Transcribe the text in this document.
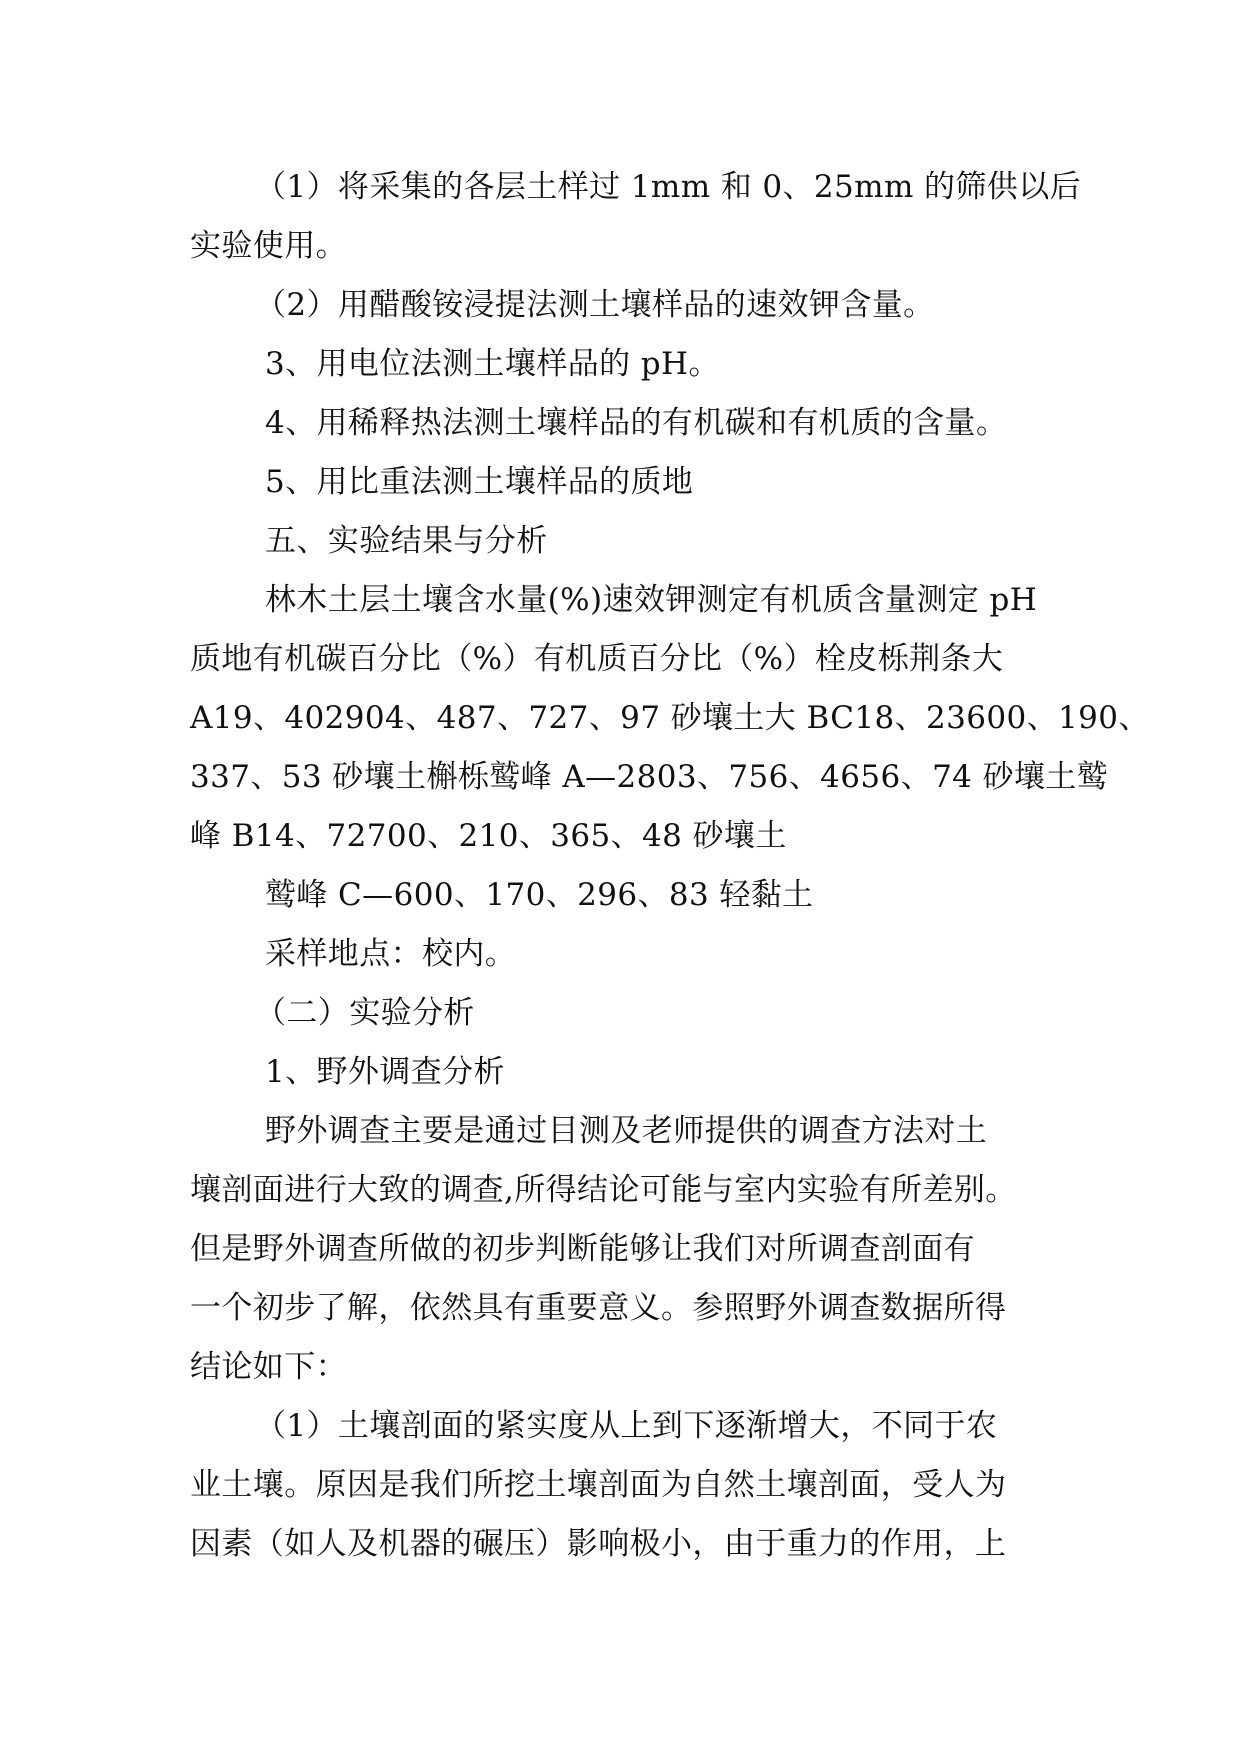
（1）将采集的各层土样过 1mm 和 0、25mm 的筛供以后
实验使用。

（2）用醋酸铵浸提法测土壤样品的速效钾含量。

3、用电位法测土壤样品的 pH。

4、用稀释热法测土壤样品的有机碳和有机质的含量。

5、用比重法测土壤样品的质地

五、实验结果与分析

林木土层土壤含水量(%)速效钾测定有机质含量测定 pH
质地有机碳百分比（%）有机质百分比（%）栓皮栎荆条大
A19、402904、487、727、97 砂壤土大 BC18、23600、190、
337、53 砂壤土槲栎鹫峰 A—2803、756、4656、74 砂壤土鹫
峰 B14、72700、210、365、48 砂壤土

鹫峰 C—600、170、296、83 轻黏土

采样地点：校内。

（二）实验分析

1、野外调查分析

野外调查主要是通过目测及老师提供的调查方法对土
壤剖面进行大致的调查,所得结论可能与室内实验有所差别。
但是野外调查所做的初步判断能够让我们对所调查剖面有
一个初步了解，依然具有重要意义。参照野外调查数据所得
结论如下：

（1）土壤剖面的紧实度从上到下逐渐增大，不同于农
业土壤。原因是我们所挖土壤剖面为自然土壤剖面，受人为
因素（如人及机器的碾压）影响极小，由于重力的作用，上
